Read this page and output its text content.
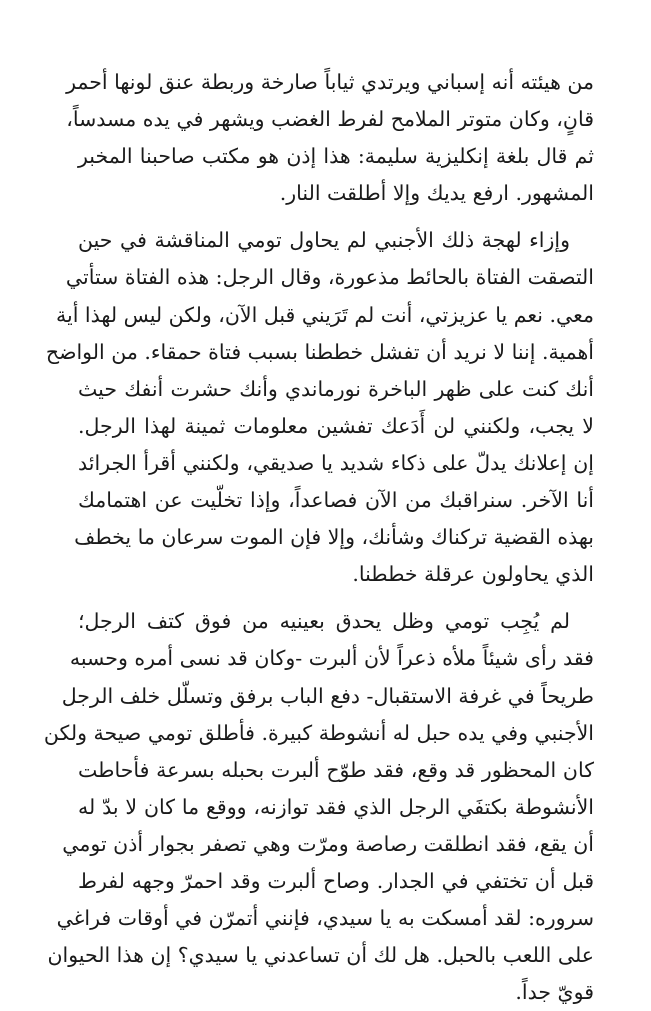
من هيئته أنه إسباني ويرتدي ثياباً صارخة وربطة عنق لونها أحمر
قانٍ، وكان متوتر الملامح لفرط الغضب ويشهر في يده مسدساً،
ثم قال بلغة إنكليزية سليمة: هذا إذن هو مكتب صاحبنا المخبر
المشهور. ارفع يديك وإلا أطلقت النار.
وإزاء لهجة ذلك الأجنبي لم يحاول تومي المناقشة في حين
التصقت الفتاة بالحائط مذعورة، وقال الرجل: هذه الفتاة ستأتي
معي. نعم يا عزيزتي، أنت لم تَرَيني قبل الآن، ولكن ليس لهذا أية
أهمية. إننا لا نريد أن تفشل خططنا بسبب فتاة حمقاء. من الواضح
أنك كنت على ظهر الباخرة نورماندي وأنك حشرت أنفك حيث
لا يجب، ولكنني لن أَدَعك تفشين معلومات ثمينة لهذا الرجل.
إن إعلانك يدلّ على ذكاء شديد يا صديقي، ولكنني أقرأ الجرائد
أنا الآخر. سنراقبك من الآن فصاعداً، وإذا تخلّيت عن اهتمامك
بهذه القضية تركناك وشأنك، وإلا فإن الموت سرعان ما يخطف
الذي يحاولون عرقلة خططنا.
لم يُجِب تومي وظل يحدق بعينيه من فوق كتف الرجل؛
فقد رأى شيئاً ملأه ذعراً لأن ألبرت -وكان قد نسى أمره وحسبه
طريحاً في غرفة الاستقبال- دفع الباب برفق وتسلّل خلف الرجل
الأجنبي وفي يده حبل له أنشوطة كبيرة. فأطلق تومي صيحة ولكن
كان المحظور قد وقع، فقد طوّح ألبرت بحبله بسرعة فأحاطت
الأنشوطة بكتفَي الرجل الذي فقد توازنه، ووقع ما كان لا بدّ له
أن يقع، فقد انطلقت رصاصة ومرّت وهي تصفر بجوار أذن تومي
قبل أن تختفي في الجدار. وصاح ألبرت وقد احمرّ وجهه لفرط
سروره: لقد أمسكت به يا سيدي، فإنني أتمرّن في أوقات فراغي
على اللعب بالحبل. هل لك أن تساعدني يا سيدي؟ إن هذا الحيوان
قويّ جداً.
